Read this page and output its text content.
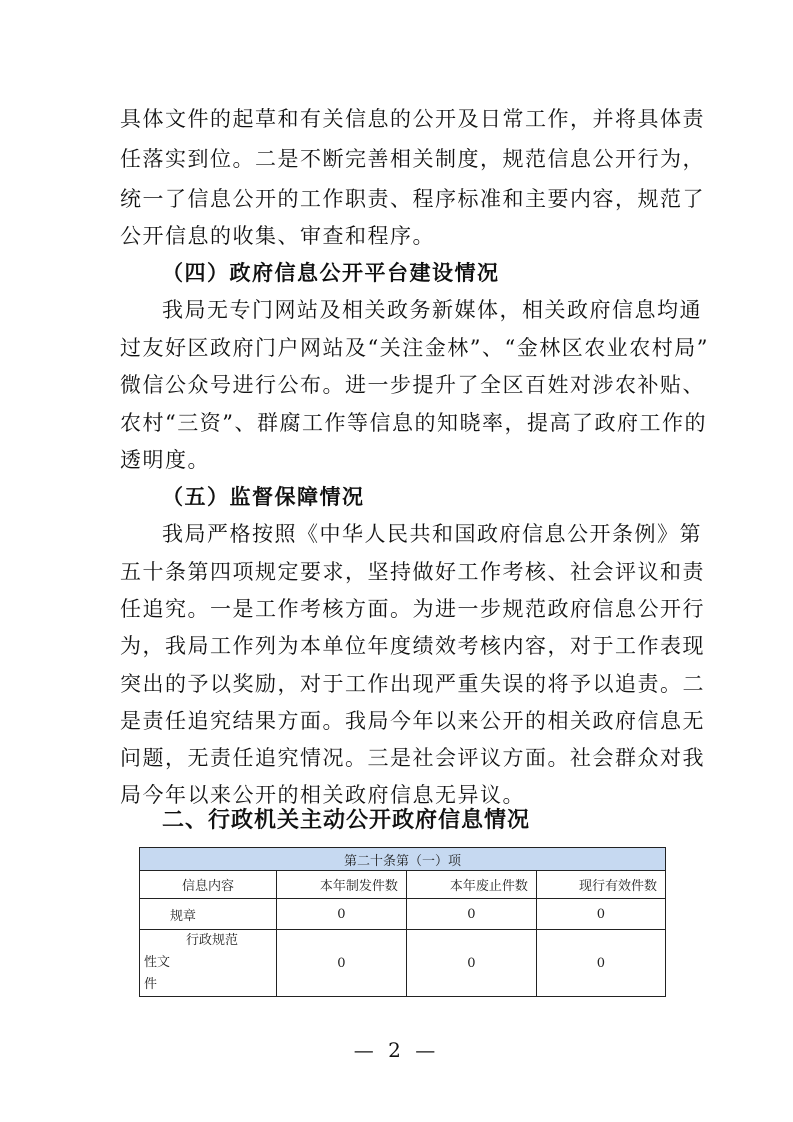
具体文件的起草和有关信息的公开及日常工作，并将具体责
任落实到位。二是不断完善相关制度，规范信息公开行为，
统一了信息公开的工作职责、程序标准和主要内容，规范了
公开信息的收集、审查和程序。
（四）政府信息公开平台建设情况
我局无专门网站及相关政务新媒体，相关政府信息均通
过友好区政府门户网站及“关注金林”、“金林区农业农村局”
微信公众号进行公布。进一步提升了全区百姓对涉农补贴、
农村“三资”、群腐工作等信息的知晓率，提高了政府工作的
透明度。
（五）监督保障情况
我局严格按照《中华人民共和国政府信息公开条例》第
五十条第四项规定要求，坚持做好工作考核、社会评议和责
任追究。一是工作考核方面。为进一步规范政府信息公开行
为，我局工作列为本单位年度绩效考核内容，对于工作表现
突出的予以奖励，对于工作出现严重失误的将予以追责。二
是责任追究结果方面。我局今年以来公开的相关政府信息无
问题，无责任追究情况。三是社会评议方面。社会群众对我
局今年以来公开的相关政府信息无异议。
二、行政机关主动公开政府信息情况
第二十条第（一）项			
信息内容	本年制发件数	本年废止件数	现行有效件数
规章	0	0	0

行政规范性文
件	0	0	0
— 2 —
